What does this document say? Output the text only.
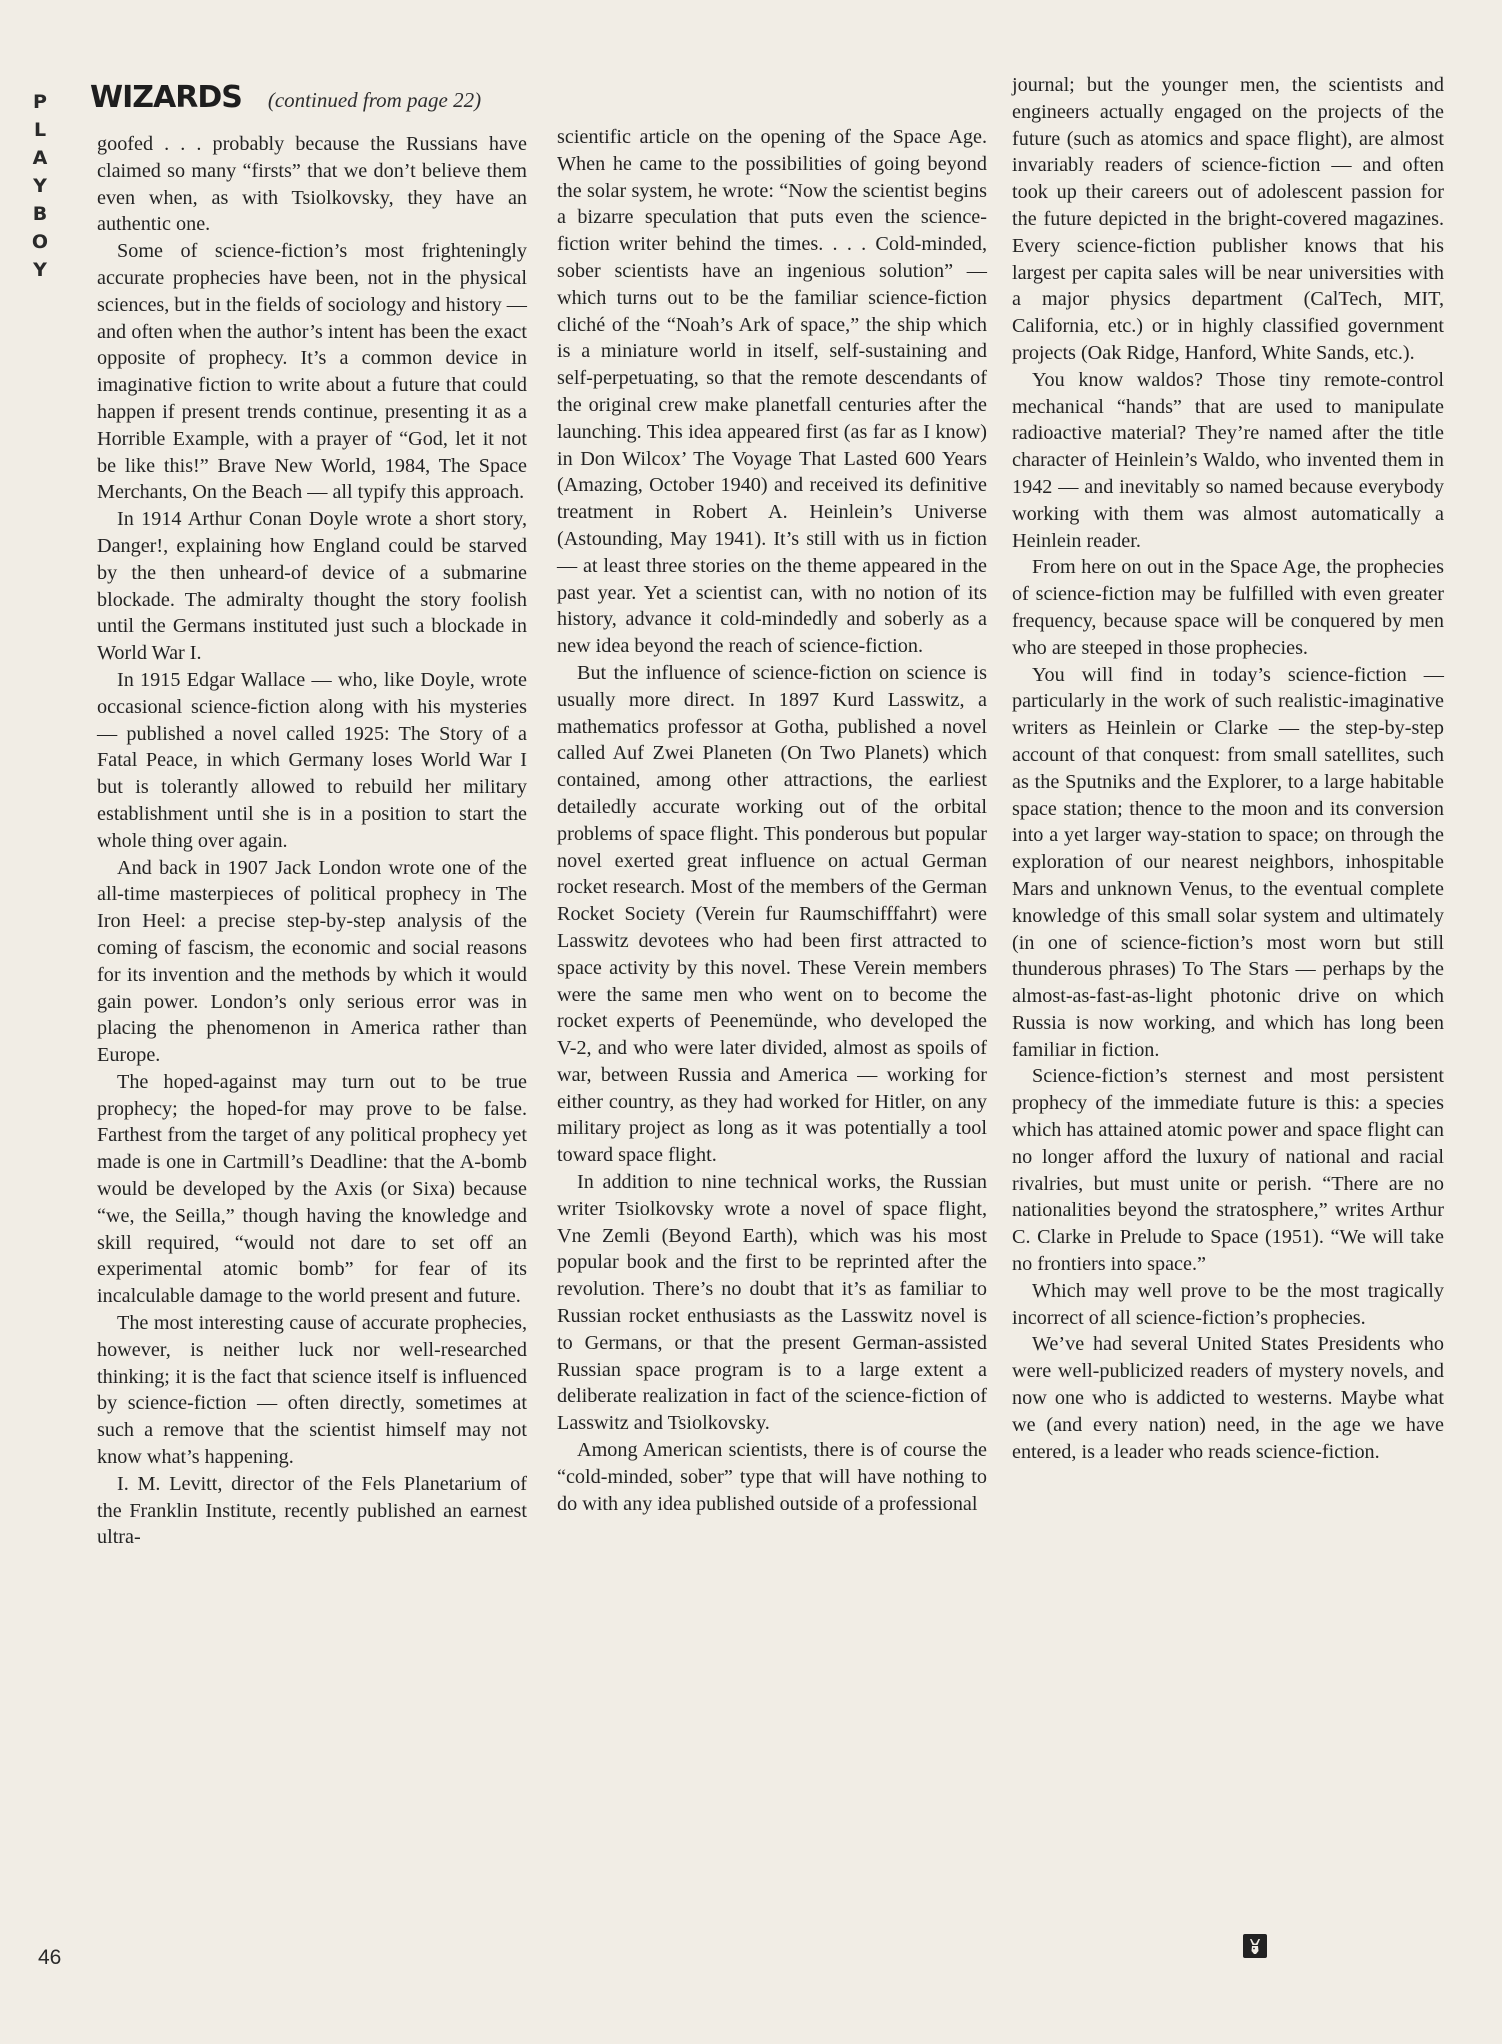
PLAYBOY
WIZARDS (continued from page 22)

goofed . . . probably because the Russians have claimed so many “firsts” that we don’t believe them even when, as with Tsiolkovsky, they have an authentic one.

Some of science-fiction’s most frighteningly accurate prophecies have been, not in the physical sciences, but in the fields of sociology and history — and often when the author’s intent has been the exact opposite of prophecy. It’s a common device in imaginative fiction to write about a future that could happen if present trends continue, presenting it as a Horrible Example, with a prayer of “God, let it not be like this!” Brave New World, 1984, The Space Merchants, On the Beach — all typify this approach.

In 1914 Arthur Conan Doyle wrote a short story, Danger!, explaining how England could be starved by the then unheard-of device of a submarine blockade. The admiralty thought the story foolish until the Germans instituted just such a blockade in World War I.

In 1915 Edgar Wallace — who, like Doyle, wrote occasional science-fiction along with his mysteries — published a novel called 1925: The Story of a Fatal Peace, in which Germany loses World War I but is tolerantly allowed to rebuild her military establishment until she is in a position to start the whole thing over again.

And back in 1907 Jack London wrote one of the all-time masterpieces of political prophecy in The Iron Heel: a precise step-by-step analysis of the coming of fascism, the economic and social reasons for its invention and the methods by which it would gain power. London’s only serious error was in placing the phenomenon in America rather than Europe.

The hoped-against may turn out to be true prophecy; the hoped-for may prove to be false. Farthest from the target of any political prophecy yet made is one in Cartmill’s Deadline: that the A-bomb would be developed by the Axis (or Sixa) because “we, the Seilla,” though having the knowledge and skill required, “would not dare to set off an experimental atomic bomb” for fear of its incalculable damage to the world present and future.

The most interesting cause of accurate prophecies, however, is neither luck nor well-researched thinking; it is the fact that science itself is influenced by science-fiction — often directly, sometimes at such a remove that the scientist himself may not know what’s happening.

I. M. Levitt, director of the Fels Planetarium of the Franklin Institute, recently published an earnest ultra-

scientific article on the opening of the Space Age. When he came to the possibilities of going beyond the solar system, he wrote: “Now the scientist begins a bizarre speculation that puts even the science-fiction writer behind the times. . . . Cold-minded, sober scientists have an ingenious solution” — which turns out to be the familiar science-fiction cliché of the “Noah’s Ark of space,” the ship which is a miniature world in itself, self-sustaining and self-perpetuating, so that the remote descendants of the original crew make planetfall centuries after the launching. This idea appeared first (as far as I know) in Don Wilcox’ The Voyage That Lasted 600 Years (Amazing, October 1940) and received its definitive treatment in Robert A. Heinlein’s Universe (Astounding, May 1941). It’s still with us in fiction — at least three stories on the theme appeared in the past year. Yet a scientist can, with no notion of its history, advance it cold-mindedly and soberly as a new idea beyond the reach of science-fiction.

But the influence of science-fiction on science is usually more direct. In 1897 Kurd Lasswitz, a mathematics professor at Gotha, published a novel called Auf Zwei Planeten (On Two Planets) which contained, among other attractions, the earliest detailedly accurate working out of the orbital problems of space flight. This ponderous but popular novel exerted great influence on actual German rocket research. Most of the members of the German Rocket Society (Verein fur Raumschifffahrt) were Lasswitz devotees who had been first attracted to space activity by this novel. These Verein members were the same men who went on to become the rocket experts of Peenemünde, who developed the V-2, and who were later divided, almost as spoils of war, between Russia and America — working for either country, as they had worked for Hitler, on any military project as long as it was potentially a tool toward space flight.

In addition to nine technical works, the Russian writer Tsiolkovsky wrote a novel of space flight, Vne Zemli (Beyond Earth), which was his most popular book and the first to be reprinted after the revolution. There’s no doubt that it’s as familiar to Russian rocket enthusiasts as the Lasswitz novel is to Germans, or that the present German-assisted Russian space program is to a large extent a deliberate realization in fact of the science-fiction of Lasswitz and Tsiolkovsky.

Among American scientists, there is of course the “cold-minded, sober” type that will have nothing to do with any idea published outside of a professional

journal; but the younger men, the scientists and engineers actually engaged on the projects of the future (such as atomics and space flight), are almost invariably readers of science-fiction — and often took up their careers out of adolescent passion for the future depicted in the bright-covered magazines. Every science-fiction publisher knows that his largest per capita sales will be near universities with a major physics department (CalTech, MIT, California, etc.) or in highly classified government projects (Oak Ridge, Hanford, White Sands, etc.).

You know waldos? Those tiny remote-control mechanical “hands” that are used to manipulate radioactive material? They’re named after the title character of Heinlein’s Waldo, who invented them in 1942 — and inevitably so named because everybody working with them was almost automatically a Heinlein reader.

From here on out in the Space Age, the prophecies of science-fiction may be fulfilled with even greater frequency, because space will be conquered by men who are steeped in those prophecies.

You will find in today’s science-fiction — particularly in the work of such realistic-imaginative writers as Heinlein or Clarke — the step-by-step account of that conquest: from small satellites, such as the Sputniks and the Explorer, to a large habitable space station; thence to the moon and its conversion into a yet larger way-station to space; on through the exploration of our nearest neighbors, inhospitable Mars and unknown Venus, to the eventual complete knowledge of this small solar system and ultimately (in one of science-fiction’s most worn but still thunderous phrases) To The Stars — perhaps by the almost-as-fast-as-light photonic drive on which Russia is now working, and which has long been familiar in fiction.

Science-fiction’s sternest and most persistent prophecy of the immediate future is this: a species which has attained atomic power and space flight can no longer afford the luxury of national and racial rivalries, but must unite or perish. “There are no nationalities beyond the stratosphere,” writes Arthur C. Clarke in Prelude to Space (1951). “We will take no frontiers into space.”

Which may well prove to be the most tragically incorrect of all science-fiction’s prophecies.

We’ve had several United States Presidents who were well-publicized readers of mystery novels, and now one who is addicted to westerns. Maybe what we (and every nation) need, in the age we have entered, is a leader who reads science-fiction.

46
